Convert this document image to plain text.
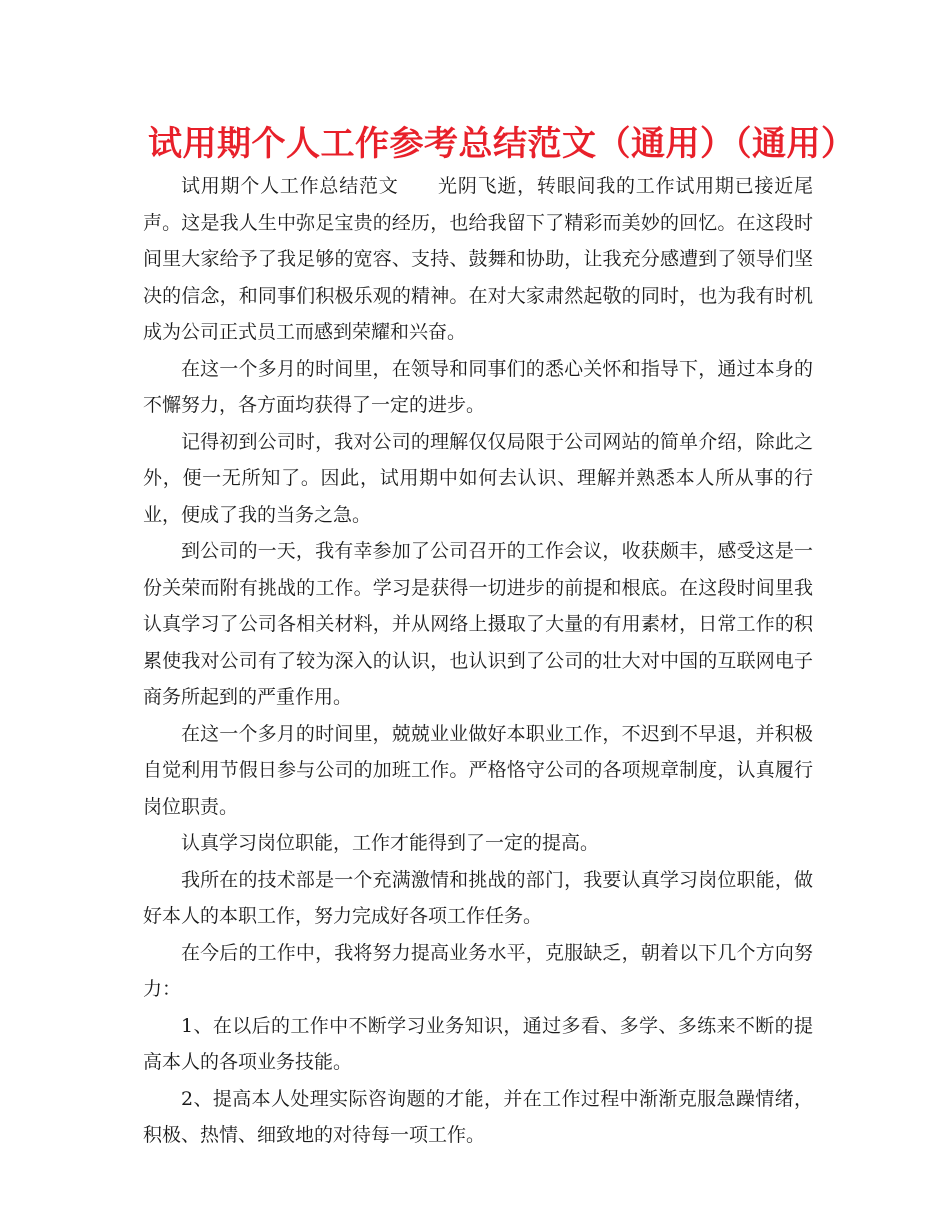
试用期个人工作参考总结范文（通用）（通用）

试用期个人工作总结范文　　光阴飞逝，转眼间我的工作试用期已接近尾声。这是我人生中弥足宝贵的经历，也给我留下了精彩而美妙的回忆。在这段时间里大家给予了我足够的宽容、支持、鼓舞和协助，让我充分感遭到了领导们坚决的信念，和同事们积极乐观的精神。在对大家肃然起敬的同时，也为我有时机成为公司正式员工而感到荣耀和兴奋。

在这一个多月的时间里，在领导和同事们的悉心关怀和指导下，通过本身的不懈努力，各方面均获得了一定的进步。

记得初到公司时，我对公司的理解仅仅局限于公司网站的简单介绍，除此之外，便一无所知了。因此，试用期中如何去认识、理解并熟悉本人所从事的行业，便成了我的当务之急。

到公司的一天，我有幸参加了公司召开的工作会议，收获颇丰，感受这是一份关荣而附有挑战的工作。学习是获得一切进步的前提和根底。在这段时间里我认真学习了公司各相关材料，并从网络上摄取了大量的有用素材，日常工作的积累使我对公司有了较为深入的认识，也认识到了公司的壮大对中国的互联网电子商务所起到的严重作用。

在这一个多月的时间里，兢兢业业做好本职业工作，不迟到不早退，并积极自觉利用节假日参与公司的加班工作。严格恪守公司的各项规章制度，认真履行岗位职责。

认真学习岗位职能，工作才能得到了一定的提高。

我所在的技术部是一个充满激情和挑战的部门，我要认真学习岗位职能，做好本人的本职工作，努力完成好各项工作任务。

在今后的工作中，我将努力提高业务水平，克服缺乏，朝着以下几个方向努力：

1、在以后的工作中不断学习业务知识，通过多看、多学、多练来不断的提高本人的各项业务技能。

2、提高本人处理实际咨询题的才能，并在工作过程中渐渐克服急躁情绪，积极、热情、细致地的对待每一项工作。
